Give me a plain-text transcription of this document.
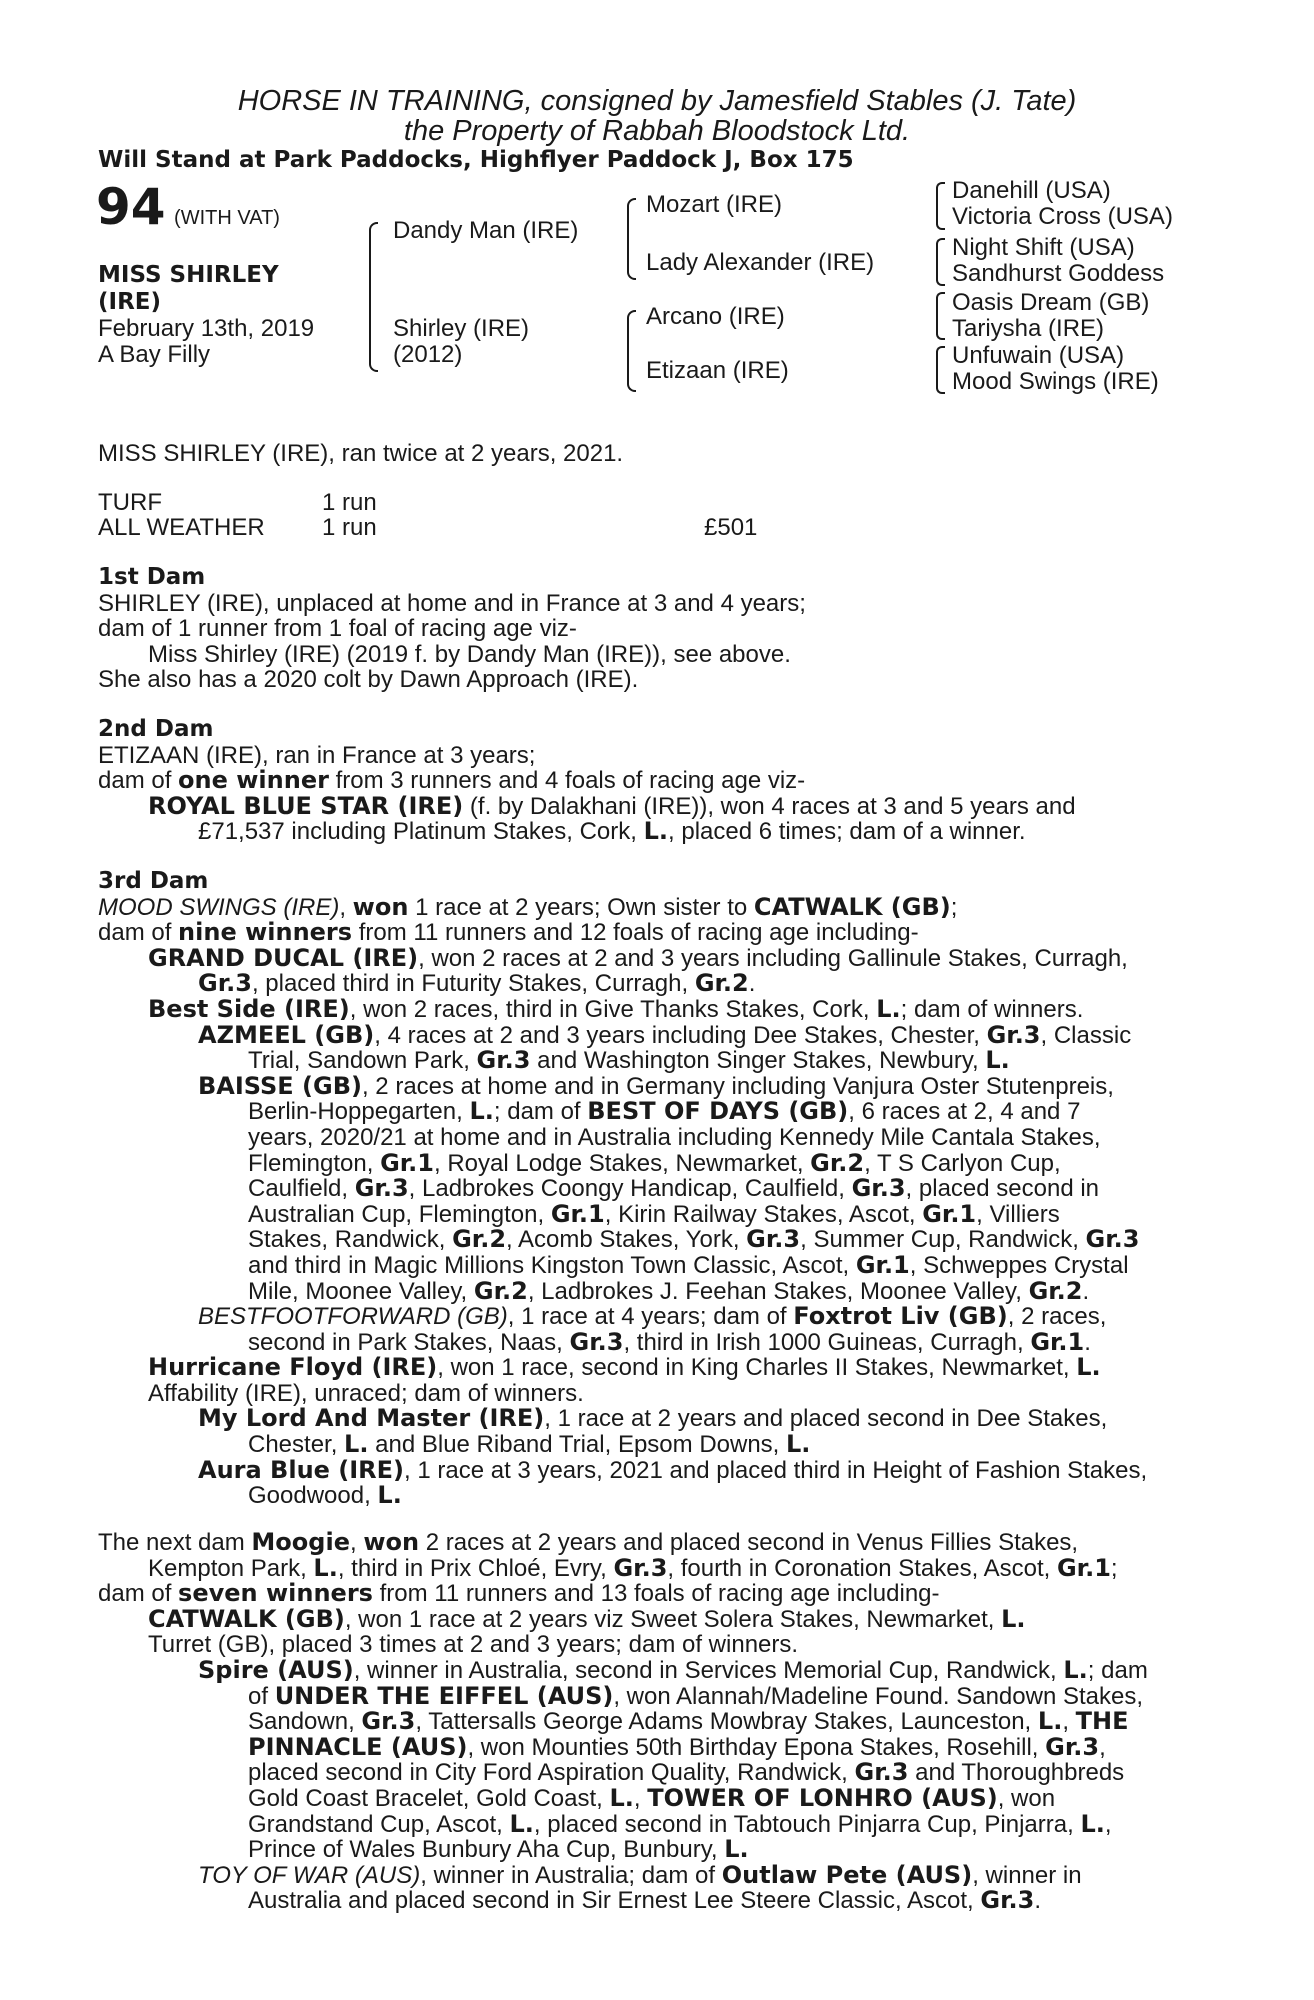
HORSE IN TRAINING, consigned by Jamesfield Stables (J. Tate)
the Property of Rabbah Bloodstock Ltd.
Will Stand at Park Paddocks, Highflyer Paddock J, Box 175
94 (WITH VAT)
MISS SHIRLEY
(IRE)
February 13th, 2019
A Bay Filly
Dandy Man (IRE)
Shirley (IRE)
(2012)
Mozart (IRE)
Lady Alexander (IRE)
Arcano (IRE)
Etizaan (IRE)
Danehill (USA)
Victoria Cross (USA)
Night Shift (USA)
Sandhurst Goddess
Oasis Dream (GB)
Tariysha (IRE)
Unfuwain (USA)
Mood Swings (IRE)
MISS SHIRLEY (IRE), ran twice at 2 years, 2021.
TURF	1 run
ALL WEATHER 1 run	£501
1st Dam
SHIRLEY (IRE), unplaced at home and in France at 3 and 4 years;
dam of 1 runner from 1 foal of racing age viz-
Miss Shirley (IRE) (2019 f. by Dandy Man (IRE)), see above.
She also has a 2020 colt by Dawn Approach (IRE).
2nd Dam
ETIZAAN (IRE), ran in France at 3 years;
dam of one winner from 3 runners and 4 foals of racing age viz-
ROYAL BLUE STAR (IRE) (f. by Dalakhani (IRE)), won 4 races at 3 and 5 years and
£71,537 including Platinum Stakes, Cork, L., placed 6 times; dam of a winner.
3rd Dam
MOOD SWINGS (IRE), won 1 race at 2 years; Own sister to CATWALK (GB);
dam of nine winners from 11 runners and 12 foals of racing age including-
GRAND DUCAL (IRE), won 2 races at 2 and 3 years including Gallinule Stakes, Curragh,
Gr.3, placed third in Futurity Stakes, Curragh, Gr.2.
Best Side (IRE), won 2 races, third in Give Thanks Stakes, Cork, L.; dam of winners.
AZMEEL (GB), 4 races at 2 and 3 years including Dee Stakes, Chester, Gr.3, Classic
Trial, Sandown Park, Gr.3 and Washington Singer Stakes, Newbury, L.
BAISSE (GB), 2 races at home and in Germany including Vanjura Oster Stutenpreis,
Berlin-Hoppegarten, L.; dam of BEST OF DAYS (GB), 6 races at 2, 4 and 7
years, 2020/21 at home and in Australia including Kennedy Mile Cantala Stakes,
Flemington, Gr.1, Royal Lodge Stakes, Newmarket, Gr.2, T S Carlyon Cup,
Caulfield, Gr.3, Ladbrokes Coongy Handicap, Caulfield, Gr.3, placed second in
Australian Cup, Flemington, Gr.1, Kirin Railway Stakes, Ascot, Gr.1, Villiers
Stakes, Randwick, Gr.2, Acomb Stakes, York, Gr.3, Summer Cup, Randwick, Gr.3
and third in Magic Millions Kingston Town Classic, Ascot, Gr.1, Schweppes Crystal
Mile, Moonee Valley, Gr.2, Ladbrokes J. Feehan Stakes, Moonee Valley, Gr.2.
BESTFOOTFORWARD (GB), 1 race at 4 years; dam of Foxtrot Liv (GB), 2 races,
second in Park Stakes, Naas, Gr.3, third in Irish 1000 Guineas, Curragh, Gr.1.
Hurricane Floyd (IRE), won 1 race, second in King Charles II Stakes, Newmarket, L.
Affability (IRE), unraced; dam of winners.
My Lord And Master (IRE), 1 race at 2 years and placed second in Dee Stakes,
Chester, L. and Blue Riband Trial, Epsom Downs, L.
Aura Blue (IRE), 1 race at 3 years, 2021 and placed third in Height of Fashion Stakes,
Goodwood, L.
The next dam Moogie, won 2 races at 2 years and placed second in Venus Fillies Stakes,
Kempton Park, L., third in Prix Chloé, Evry, Gr.3, fourth in Coronation Stakes, Ascot, Gr.1;
dam of seven winners from 11 runners and 13 foals of racing age including-
CATWALK (GB), won 1 race at 2 years viz Sweet Solera Stakes, Newmarket, L.
Turret (GB), placed 3 times at 2 and 3 years; dam of winners.
Spire (AUS), winner in Australia, second in Services Memorial Cup, Randwick, L.; dam
of UNDER THE EIFFEL (AUS), won Alannah/Madeline Found. Sandown Stakes,
Sandown, Gr.3, Tattersalls George Adams Mowbray Stakes, Launceston, L., THE
PINNACLE (AUS), won Mounties 50th Birthday Epona Stakes, Rosehill, Gr.3,
placed second in City Ford Aspiration Quality, Randwick, Gr.3 and Thoroughbreds
Gold Coast Bracelet, Gold Coast, L., TOWER OF LONHRO (AUS), won
Grandstand Cup, Ascot, L., placed second in Tabtouch Pinjarra Cup, Pinjarra, L.,
Prince of Wales Bunbury Aha Cup, Bunbury, L.
TOY OF WAR (AUS), winner in Australia; dam of Outlaw Pete (AUS), winner in
Australia and placed second in Sir Ernest Lee Steere Classic, Ascot, Gr.3.
